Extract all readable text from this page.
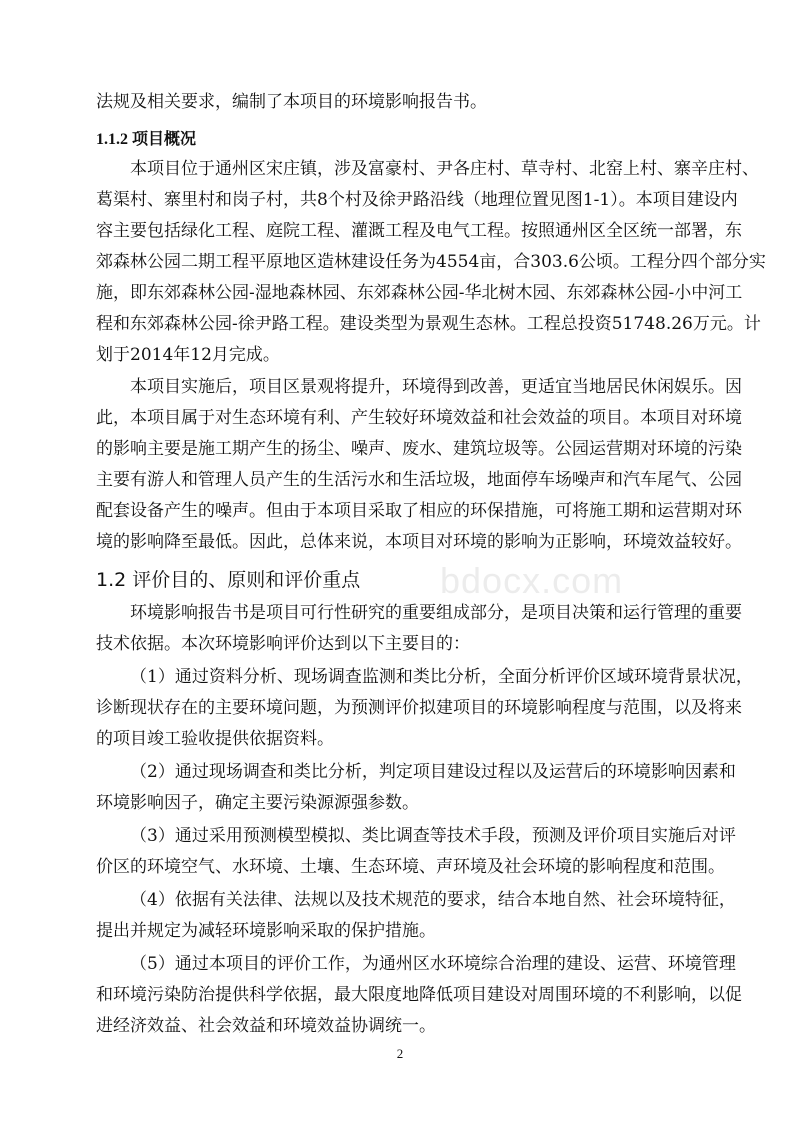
法规及相关要求，编制了本项目的环境影响报告书。
1.1.2 项目概况
本项目位于通州区宋庄镇，涉及富豪村、尹各庄村、草寺村、北窑上村、寨辛庄村、
葛渠村、寨里村和岗子村，共8个村及徐尹路沿线（地理位置见图1-1）。本项目建设内
容主要包括绿化工程、庭院工程、灌溉工程及电气工程。按照通州区全区统一部署，东
郊森林公园二期工程平原地区造林建设任务为4554亩，合303.6公顷。工程分四个部分实
施，即东郊森林公园-湿地森林园、东郊森林公园-华北树木园、东郊森林公园-小中河工
程和东郊森林公园-徐尹路工程。建设类型为景观生态林。工程总投资51748.26万元。计
划于2014年12月完成。
本项目实施后，项目区景观将提升，环境得到改善，更适宜当地居民休闲娱乐。因
此，本项目属于对生态环境有利、产生较好环境效益和社会效益的项目。本项目对环境
的影响主要是施工期产生的扬尘、噪声、废水、建筑垃圾等。公园运营期对环境的污染
主要有游人和管理人员产生的生活污水和生活垃圾，地面停车场噪声和汽车尾气、公园
配套设备产生的噪声。但由于本项目采取了相应的环保措施，可将施工期和运营期对环
境的影响降至最低。因此，总体来说，本项目对环境的影响为正影响，环境效益较好。
1.2 评价目的、原则和评价重点
环境影响报告书是项目可行性研究的重要组成部分，是项目决策和运行管理的重要
技术依据。本次环境影响评价达到以下主要目的：
（1）通过资料分析、现场调查监测和类比分析，全面分析评价区域环境背景状况，
诊断现状存在的主要环境问题，为预测评价拟建项目的环境影响程度与范围，以及将来
的项目竣工验收提供依据资料。
（2）通过现场调查和类比分析，判定项目建设过程以及运营后的环境影响因素和
环境影响因子，确定主要污染源源强参数。
（3）通过采用预测模型模拟、类比调查等技术手段，预测及评价项目实施后对评
价区的环境空气、水环境、土壤、生态环境、声环境及社会环境的影响程度和范围。
（4）依据有关法律、法规以及技术规范的要求，结合本地自然、社会环境特征，
提出并规定为减轻环境影响采取的保护措施。
（5）通过本项目的评价工作，为通州区水环境综合治理的建设、运营、环境管理
和环境污染防治提供科学依据，最大限度地降低项目建设对周围环境的不利影响，以促
进经济效益、社会效益和环境效益协调统一。
bdocx.com
2
